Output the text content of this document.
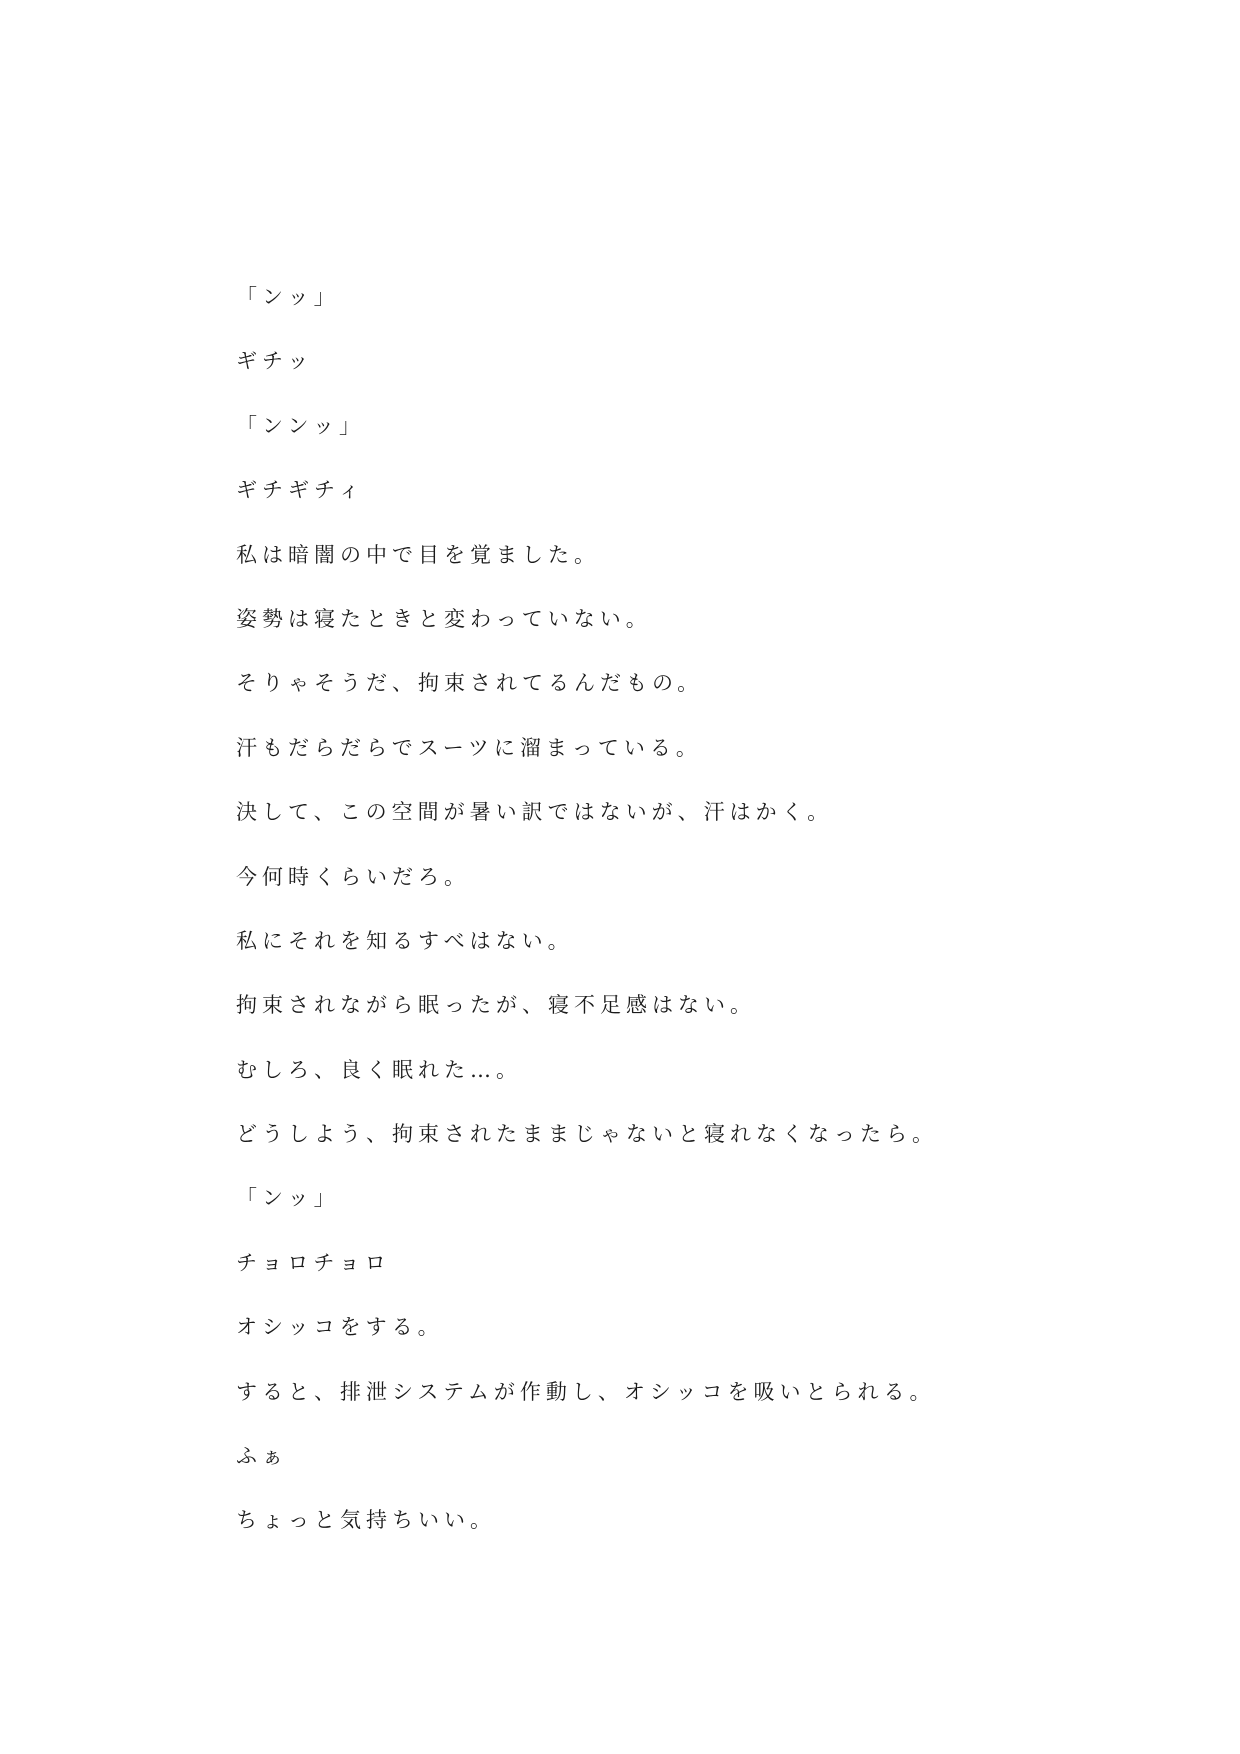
「ンッ」
ギチッ
「ンンッ」
ギチギチィ
私は暗闇の中で目を覚ました。
姿勢は寝たときと変わっていない。
そりゃそうだ、拘束されてるんだもの。
汗もだらだらでスーツに溜まっている。
決して、この空間が暑い訳ではないが、汗はかく。
今何時くらいだろ。
私にそれを知るすべはない。
拘束されながら眠ったが、寝不足感はない。
むしろ、良く眠れた…。
どうしよう、拘束されたままじゃないと寝れなくなったら。
「ンッ」
チョロチョロ
オシッコをする。
すると、排泄システムが作動し、オシッコを吸いとられる。
ふぁ
ちょっと気持ちいい。
